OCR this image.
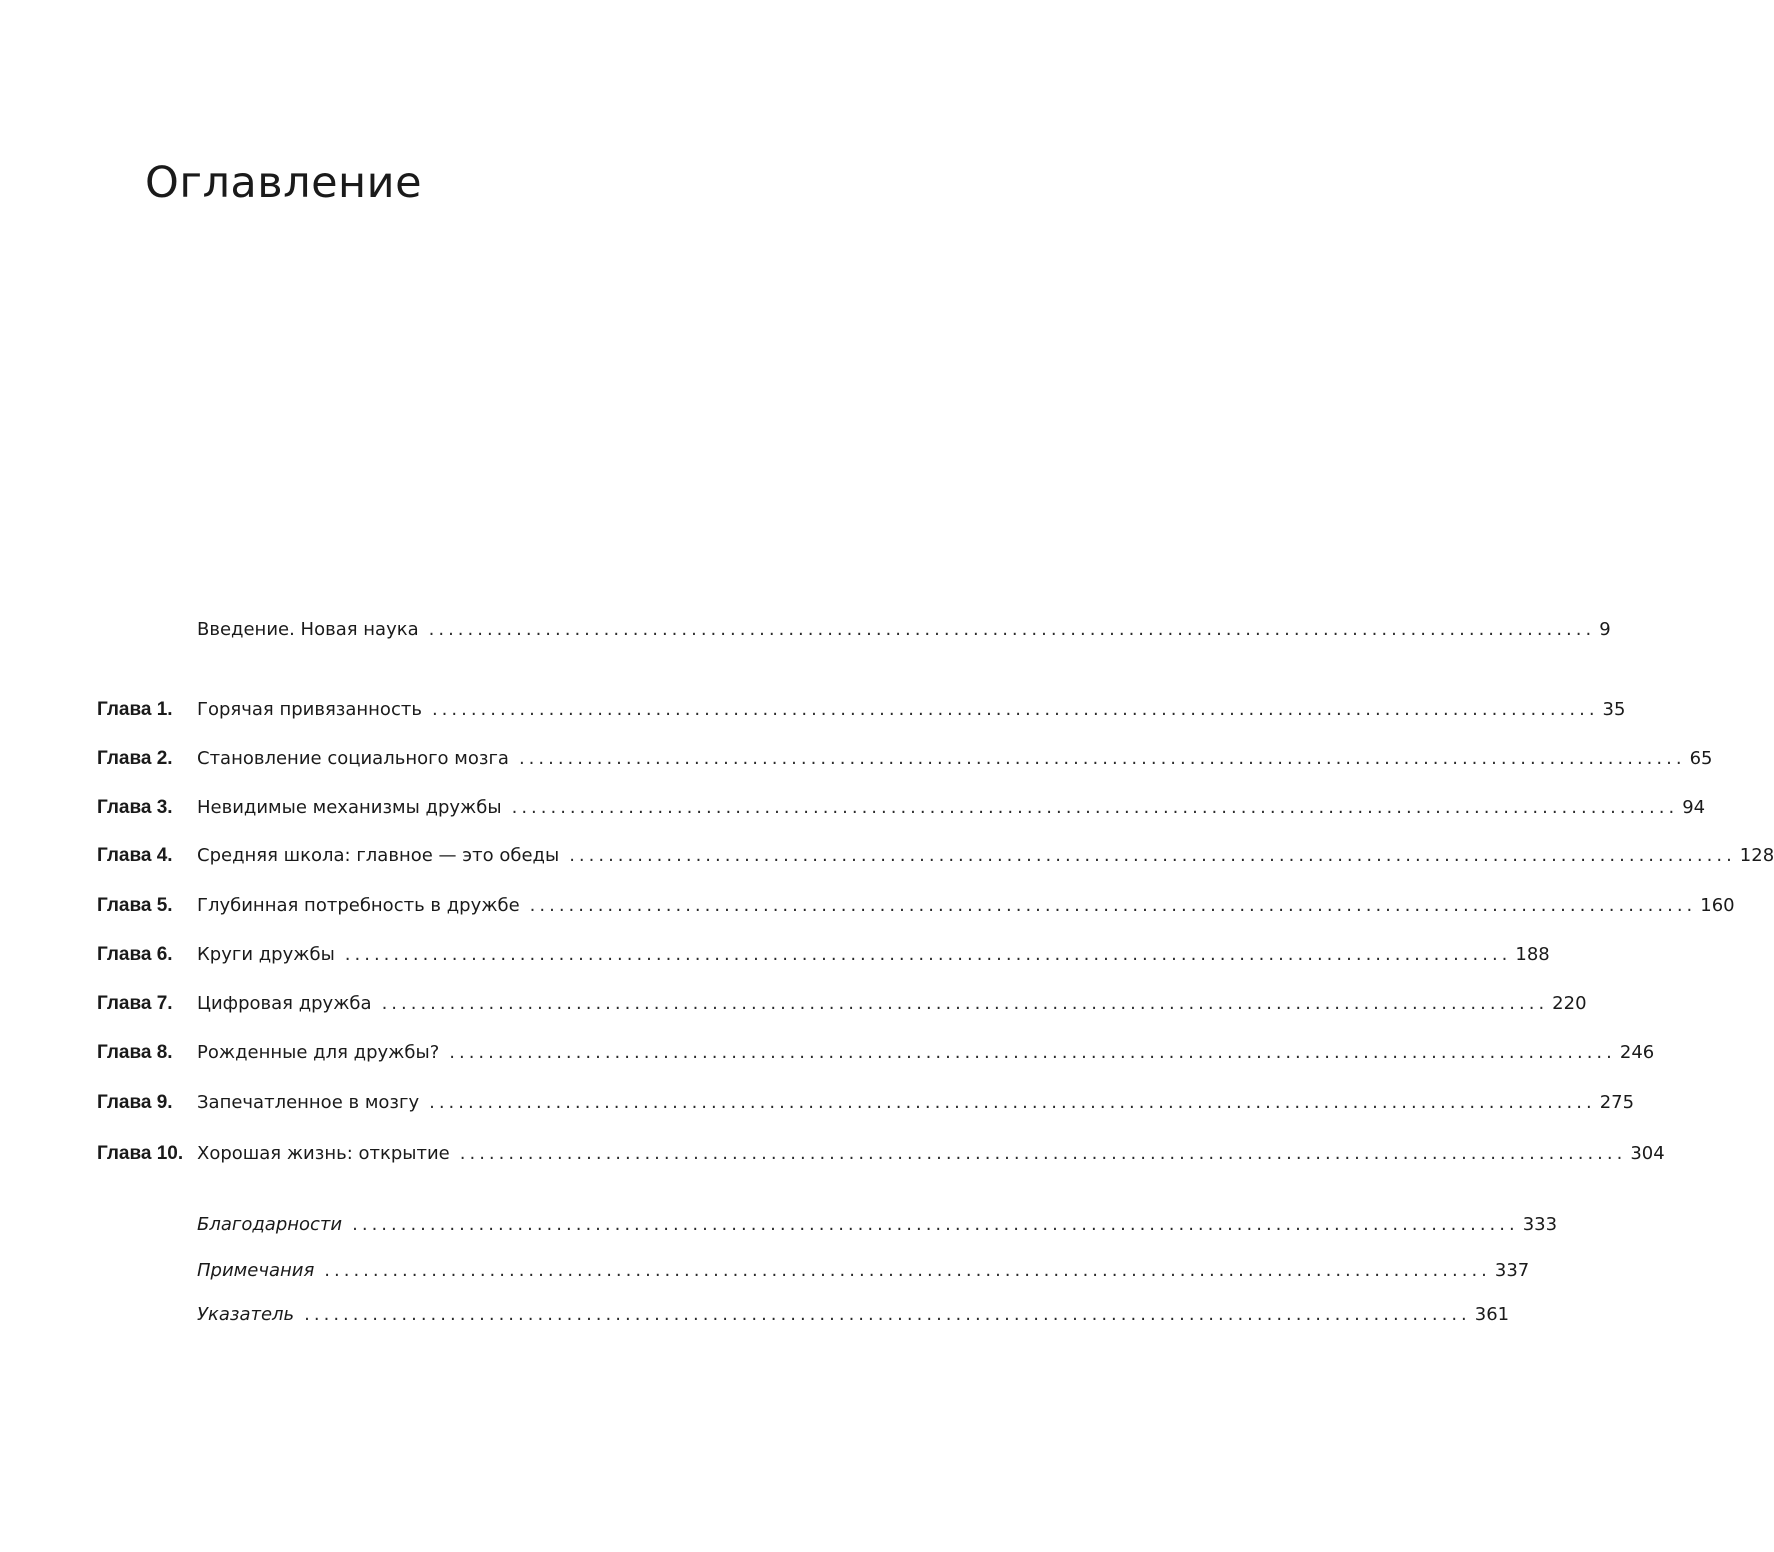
Оглавление
Введение. Новая наука ........................................................................................................................ 9
Глава 1.	Горячая привязанность ........................................................................................................................ 35
Глава 2.	Становление социального мозга ........................................................................................................................ 65
Глава 3.	Невидимые механизмы дружбы ........................................................................................................................ 94
Глава 4.	Средняя школа: главное — это обеды ........................................................................................................................ 128
Глава 5.	Глубинная потребность в дружбе ........................................................................................................................ 160
Глава 6.	Круги дружбы ........................................................................................................................ 188
Глава 7.	Цифровая дружба ........................................................................................................................ 220
Глава 8.	Рожденные для дружбы? ........................................................................................................................ 246
Глава 9.	Запечатленное в мозгу ........................................................................................................................ 275
Глава 10. Хорошая жизнь: открытие ........................................................................................................................ 304
Благодарности ........................................................................................................................ 333
Примечания ........................................................................................................................ 337
Указатель ........................................................................................................................ 361
